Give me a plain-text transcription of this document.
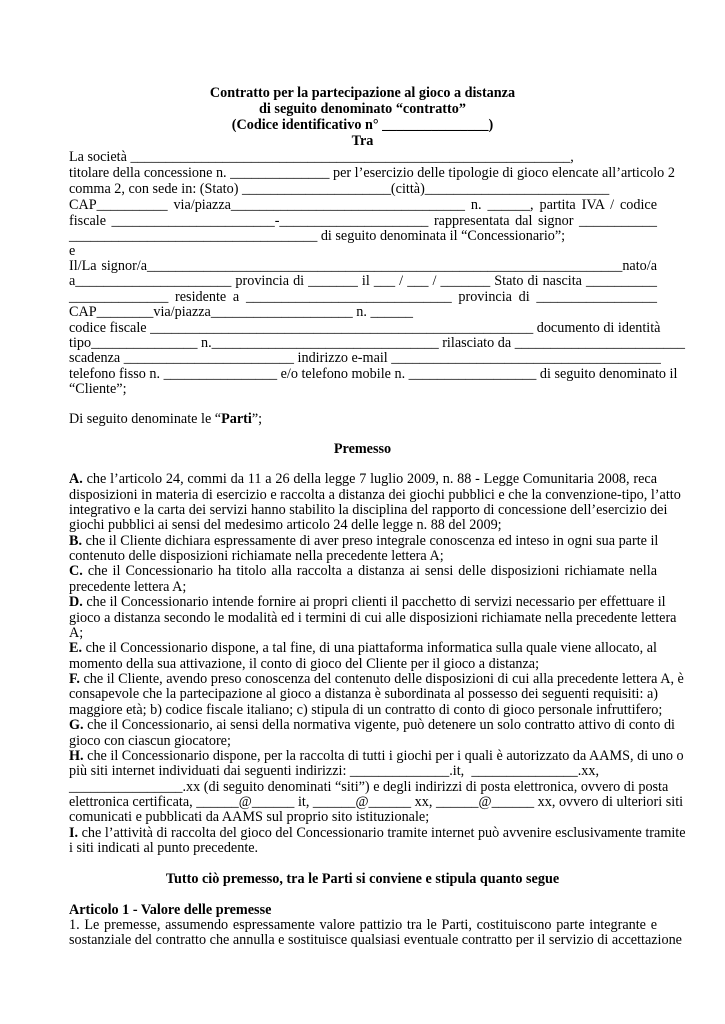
Contratto per la partecipazione al gioco a distanza

di seguito denominato “contratto”

(Codice identificativo n° _______________)

Tra

La società ______________________________________________________________,

titolare della concessione n. ______________ per l’esercizio delle tipologie di gioco elencate all’articolo 2

comma 2, con sede in: (Stato) _____________________(città)__________________________

CAP__________ via/piazza_________________________________ n. ______, partita IVA / codice

fiscale _______________________-_____________________ rappresentata dal signor ___________

___________________________________ di seguito denominata il “Concessionario”;

e

Il/La signor/a___________________________________________________________________nato/a

a______________________ provincia di _______ il ___ / ___ / _______ Stato di nascita __________

______________ residente a _____________________________ provincia di _________________

CAP________via/piazza____________________ n. ______

codice fiscale ______________________________________________________ documento di identità

tipo_______________ n.________________________________ rilasciato da ________________________

scadenza ________________________ indirizzo e-mail ______________________________________

telefono fisso n. ________________ e/o telefono mobile n. __________________ di seguito denominato il

“Cliente”;

Di seguito denominate le “Parti”;

Premesso

A. che l’articolo 24, commi da 11 a 26 della legge 7 luglio 2009, n. 88 - Legge Comunitaria 2008, reca

disposizioni in materia di esercizio e raccolta a distanza dei giochi pubblici e che la convenzione-tipo, l’atto

integrativo e la carta dei servizi hanno stabilito la disciplina del rapporto di concessione dell’esercizio dei

giochi pubblici ai sensi del medesimo articolo 24 delle legge n. 88 del 2009;

B. che il Cliente dichiara espressamente di aver preso integrale conoscenza ed inteso in ogni sua parte il

contenuto delle disposizioni richiamate nella precedente lettera A;

C. che il Concessionario ha titolo alla raccolta a distanza ai sensi delle disposizioni richiamate nella

precedente lettera A;

D. che il Concessionario intende fornire ai propri clienti il pacchetto di servizi necessario per effettuare il

gioco a distanza secondo le modalità ed i termini di cui alle disposizioni richiamate nella precedente lettera

A;

E. che il Concessionario dispone, a tal fine, di una piattaforma informatica sulla quale viene allocato, al

momento della sua attivazione, il conto di gioco del Cliente per il gioco a distanza;

F. che il Cliente, avendo preso conoscenza del contenuto delle disposizioni di cui alla precedente lettera A, è

consapevole che la partecipazione al gioco a distanza è subordinata al possesso dei seguenti requisiti: a)

maggiore età; b) codice fiscale italiano; c) stipula di un contratto di conto di gioco personale infruttifero;

G. che il Concessionario, ai sensi della normativa vigente, può detenere un solo contratto attivo di conto di

gioco con ciascun giocatore;

H. che il Concessionario dispone, per la raccolta di tutti i giochi per i quali è autorizzato da AAMS, di uno o

più siti internet individuati dai seguenti indirizzi: ______________.it,  _______________.xx,

________________.xx (di seguito denominati “siti”) e degli indirizzi di posta elettronica, ovvero di posta

elettronica certificata, ______@______ it, ______@______ xx, ______@______ xx, ovvero di ulteriori siti

comunicati e pubblicati da AAMS sul proprio sito istituzionale;

I. che l’attività di raccolta del gioco del Concessionario tramite internet può avvenire esclusivamente tramite

i siti indicati al punto precedente.

Tutto ciò premesso, tra le Parti si conviene e stipula quanto segue

Articolo 1 - Valore delle premesse

1. Le premesse, assumendo espressamente valore pattizio tra le Parti, costituiscono parte integrante e

sostanziale del contratto che annulla e sostituisce qualsiasi eventuale contratto per il servizio di accettazione
